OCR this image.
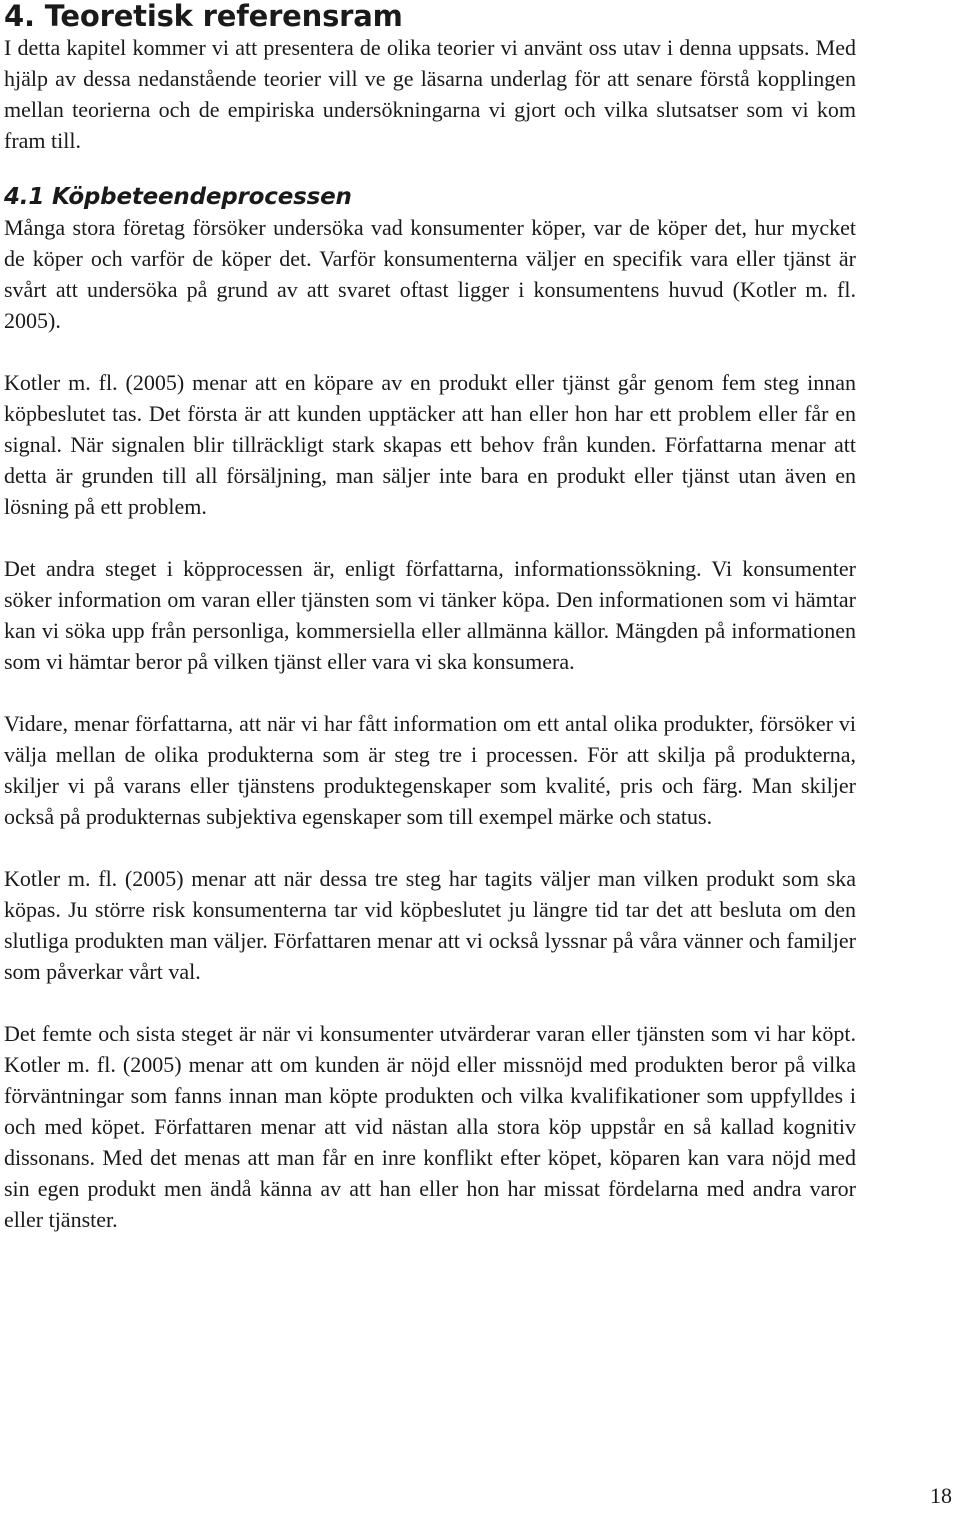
4. Teoretisk referensram

I detta kapitel kommer vi att presentera de olika teorier vi använt oss utav i denna uppsats. Med hjälp av dessa nedanstående teorier vill ve ge läsarna underlag för att senare förstå kopplingen mellan teorierna och de empiriska undersökningarna vi gjort och vilka slutsatser som vi kom fram till.

4.1 Köpbeteendeprocessen

Många stora företag försöker undersöka vad konsumenter köper, var de köper det, hur mycket de köper och varför de köper det. Varför konsumenterna väljer en specifik vara eller tjänst är svårt att undersöka på grund av att svaret oftast ligger i konsumentens huvud (Kotler m. fl. 2005).

Kotler m. fl. (2005) menar att en köpare av en produkt eller tjänst går genom fem steg innan köpbeslutet tas. Det första är att kunden upptäcker att han eller hon har ett problem eller får en signal. När signalen blir tillräckligt stark skapas ett behov från kunden. Författarna menar att detta är grunden till all försäljning, man säljer inte bara en produkt eller tjänst utan även en lösning på ett problem.

Det andra steget i köpprocessen är, enligt författarna, informationssökning. Vi konsumenter söker information om varan eller tjänsten som vi tänker köpa. Den informationen som vi hämtar kan vi söka upp från personliga, kommersiella eller allmänna källor. Mängden på informationen som vi hämtar beror på vilken tjänst eller vara vi ska konsumera.

Vidare, menar författarna, att när vi har fått information om ett antal olika produkter, försöker vi välja mellan de olika produkterna som är steg tre i processen. För att skilja på produkterna, skiljer vi på varans eller tjänstens produktegenskaper som kvalité, pris och färg. Man skiljer också på produkternas subjektiva egenskaper som till exempel märke och status.

Kotler m. fl. (2005) menar att när dessa tre steg har tagits väljer man vilken produkt som ska köpas. Ju större risk konsumenterna tar vid köpbeslutet ju längre tid tar det att besluta om den slutliga produkten man väljer. Författaren menar att vi också lyssnar på våra vänner och familjer som påverkar vårt val.

Det femte och sista steget är när vi konsumenter utvärderar varan eller tjänsten som vi har köpt. Kotler m. fl. (2005) menar att om kunden är nöjd eller missnöjd med produkten beror på vilka förväntningar som fanns innan man köpte produkten och vilka kvalifikationer som uppfylldes i och med köpet. Författaren menar att vid nästan alla stora köp uppstår en så kallad kognitiv dissonans. Med det menas att man får en inre konflikt efter köpet, köparen kan vara nöjd med sin egen produkt men ändå känna av att han eller hon har missat fördelarna med andra varor eller tjänster.

18
